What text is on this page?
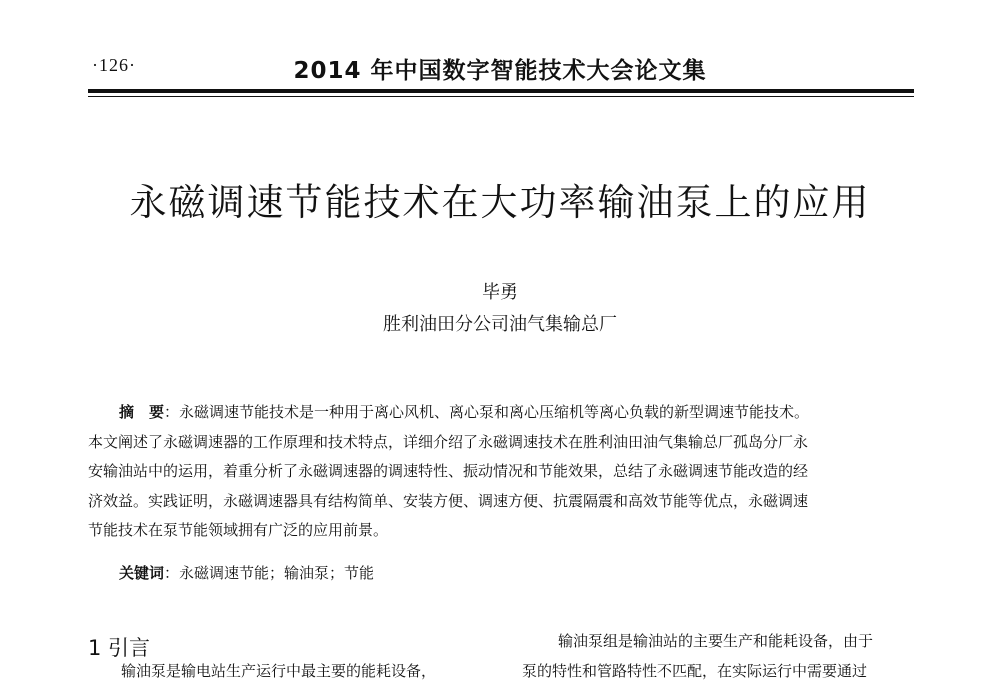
·126·	2014 年中国数字智能技术大会论文集
永磁调速节能技术在大功率输油泵上的应用
毕勇
胜利油田分公司油气集输总厂
摘　要：永磁调速节能技术是一种用于离心风机、离心泵和离心压缩机等离心负载的新型调速节能技术。
本文阐述了永磁调速器的工作原理和技术特点，详细介绍了永磁调速技术在胜利油田油气集输总厂孤岛分厂永
安输油站中的运用，着重分析了永磁调速器的调速特性、振动情况和节能效果，总结了永磁调速节能改造的经
济效益。实践证明，永磁调速器具有结构简单、安装方便、调速方便、抗震隔震和高效节能等优点，永磁调速
节能技术在泵节能领域拥有广泛的应用前景。
关键词：永磁调速节能；输油泵；节能
1 引言
输油泵是输电站生产运行中最主要的能耗设备，
输油泵组是输油站的主要生产和能耗设备，由于
泵的特性和管路特性不匹配，在实际运行中需要通过
